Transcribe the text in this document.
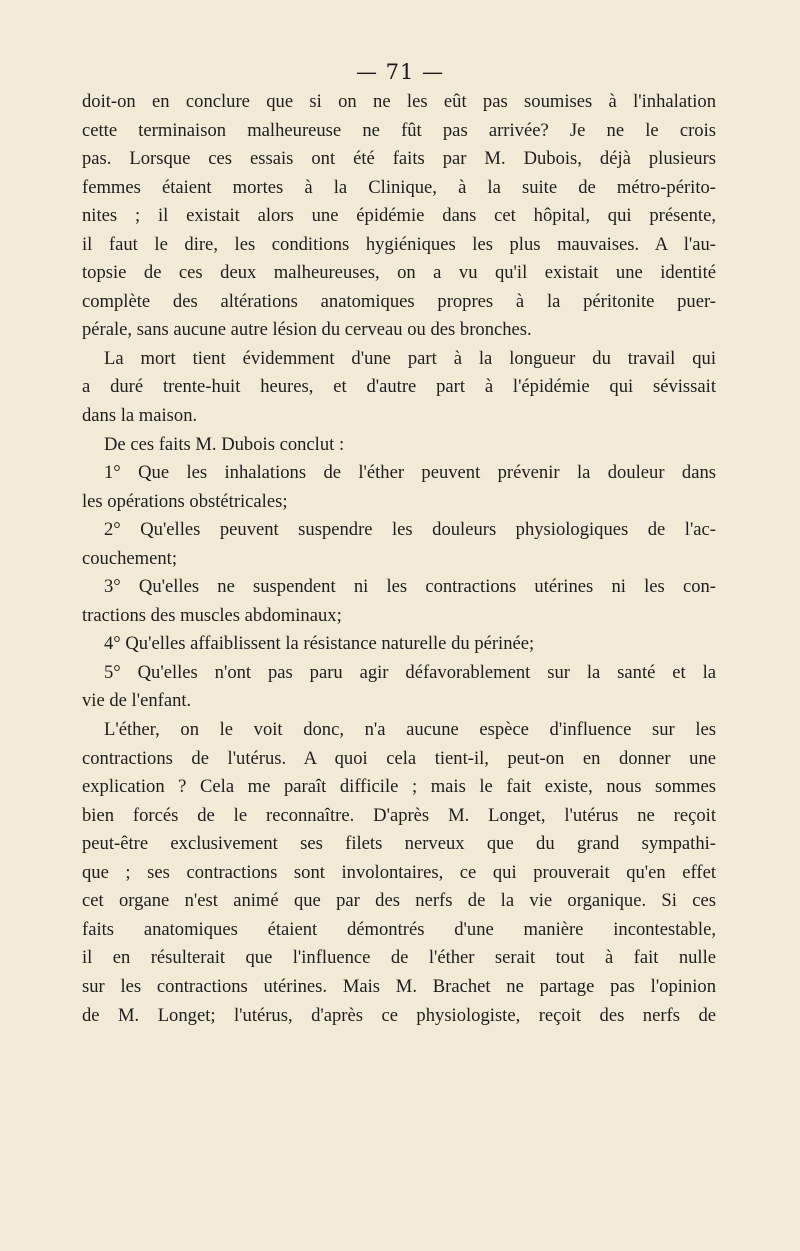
— 71 —
doit-on en conclure que si on ne les eût pas soumises à l'inhalation
cette terminaison malheureuse ne fût pas arrivée? Je ne le crois
pas. Lorsque ces essais ont été faits par M. Dubois, déjà plusieurs
femmes étaient mortes à la Clinique, à la suite de métro-périto-
nites ; il existait alors une épidémie dans cet hôpital, qui présente,
il faut le dire, les conditions hygiéniques les plus mauvaises. A l'au-
topsie de ces deux malheureuses, on a vu qu'il existait une identité
complète des altérations anatomiques propres à la péritonite puer-
pérale, sans aucune autre lésion du cerveau ou des bronches.
La mort tient évidemment d'une part à la longueur du travail qui
a duré trente-huit heures, et d'autre part à l'épidémie qui sévissait
dans la maison.
De ces faits M. Dubois conclut :
1° Que les inhalations de l'éther peuvent prévenir la douleur dans
les opérations obstétricales;
2° Qu'elles peuvent suspendre les douleurs physiologiques de l'ac-
couchement;
3° Qu'elles ne suspendent ni les contractions utérines ni les con-
tractions des muscles abdominaux;
4° Qu'elles affaiblissent la résistance naturelle du périnée;
5° Qu'elles n'ont pas paru agir défavorablement sur la santé et la
vie de l'enfant.
L'éther, on le voit donc, n'a aucune espèce d'influence sur les
contractions de l'utérus. A quoi cela tient-il, peut-on en donner une
explication ? Cela me paraît difficile ; mais le fait existe, nous sommes
bien forcés de le reconnaître. D'après M. Longet, l'utérus ne reçoit
peut-être exclusivement ses filets nerveux que du grand sympathi-
que ; ses contractions sont involontaires, ce qui prouverait qu'en effet
cet organe n'est animé que par des nerfs de la vie organique. Si ces
faits anatomiques étaient démontrés d'une manière incontestable,
il en résulterait que l'influence de l'éther serait tout à fait nulle
sur les contractions utérines. Mais M. Brachet ne partage pas l'opinion
de M. Longet; l'utérus, d'après ce physiologiste, reçoit des nerfs de
